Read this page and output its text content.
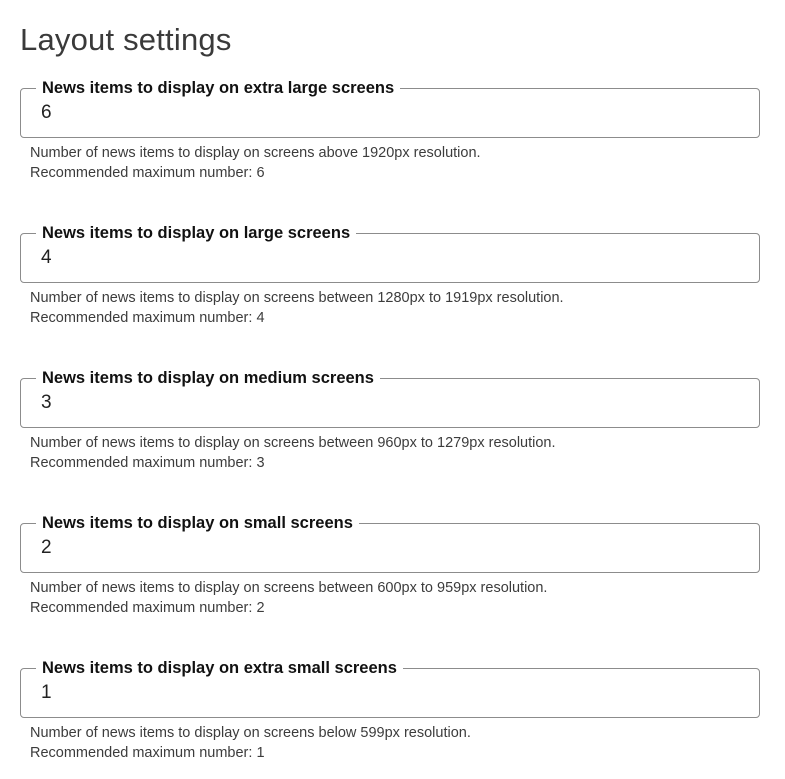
Layout settings
News items to display on extra large screens
6
Number of news items to display on screens above 1920px resolution.
Recommended maximum number: 6
News items to display on large screens
4
Number of news items to display on screens between 1280px to 1919px resolution.
Recommended maximum number: 4
News items to display on medium screens
3
Number of news items to display on screens between 960px to 1279px resolution.
Recommended maximum number: 3
News items to display on small screens
2
Number of news items to display on screens between 600px to 959px resolution.
Recommended maximum number: 2
News items to display on extra small screens
1
Number of news items to display on screens below 599px resolution.
Recommended maximum number: 1
